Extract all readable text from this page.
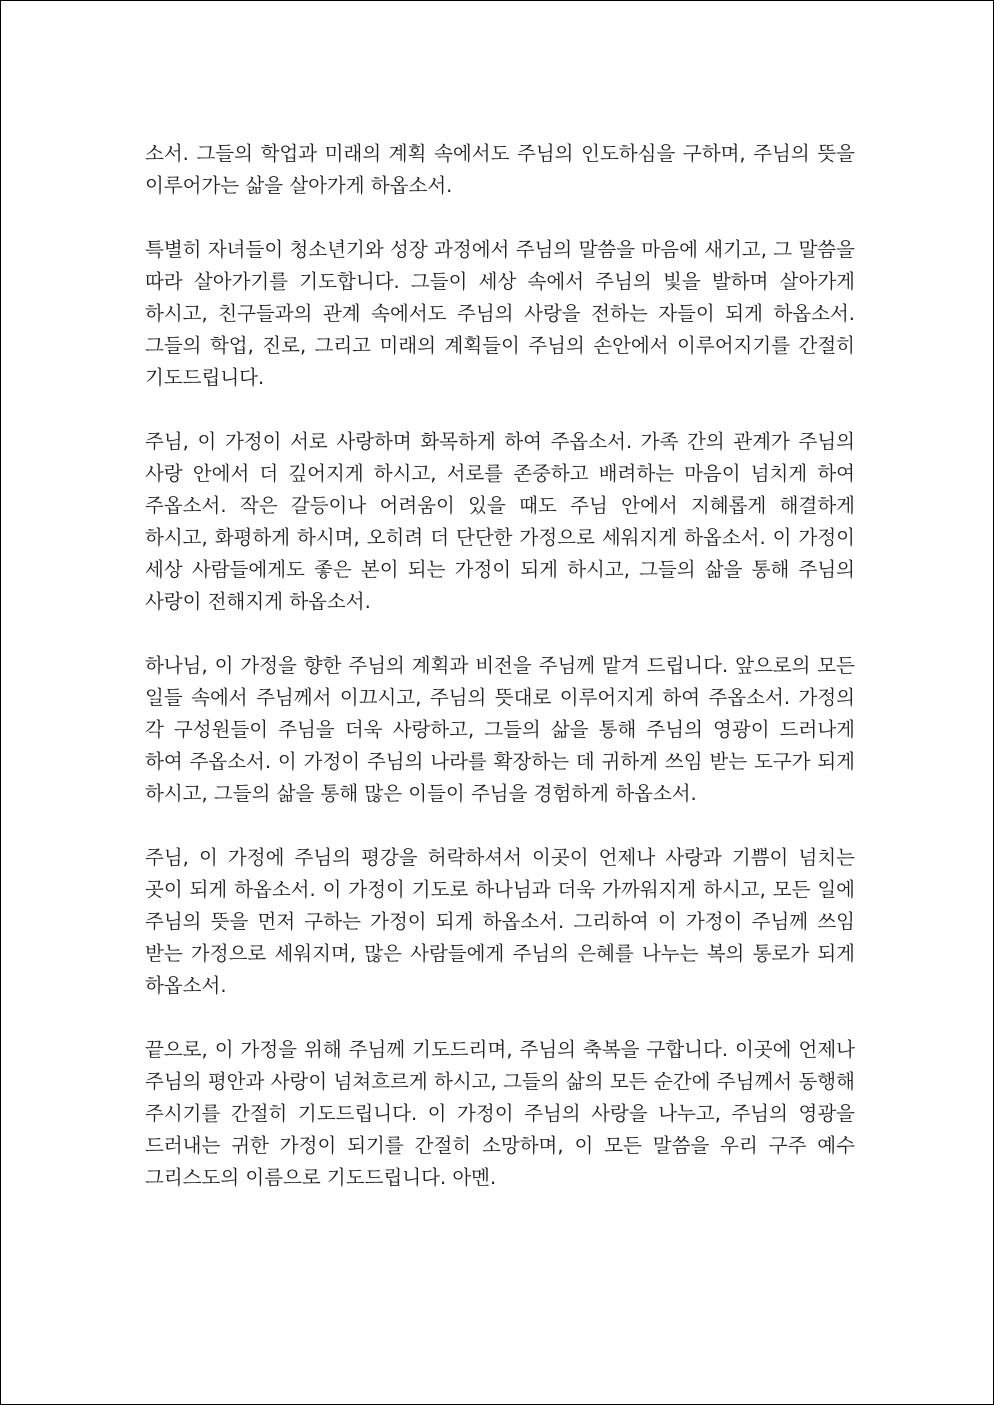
소서. 그들의 학업과 미래의 계획 속에서도 주님의 인도하심을 구하며, 주님의 뜻을 이루어가는 삶을 살아가게 하옵소서.

특별히 자녀들이 청소년기와 성장 과정에서 주님의 말씀을 마음에 새기고, 그 말씀을 따라 살아가기를 기도합니다. 그들이 세상 속에서 주님의 빛을 발하며 살아가게 하시고, 친구들과의 관계 속에서도 주님의 사랑을 전하는 자들이 되게 하옵소서. 그들의 학업, 진로, 그리고 미래의 계획들이 주님의 손안에서 이루어지기를 간절히 기도드립니다.

주님, 이 가정이 서로 사랑하며 화목하게 하여 주옵소서. 가족 간의 관계가 주님의 사랑 안에서 더 깊어지게 하시고, 서로를 존중하고 배려하는 마음이 넘치게 하여 주옵소서. 작은 갈등이나 어려움이 있을 때도 주님 안에서 지혜롭게 해결하게 하시고, 화평하게 하시며, 오히려 더 단단한 가정으로 세워지게 하옵소서. 이 가정이 세상 사람들에게도 좋은 본이 되는 가정이 되게 하시고, 그들의 삶을 통해 주님의 사랑이 전해지게 하옵소서.

하나님, 이 가정을 향한 주님의 계획과 비전을 주님께 맡겨 드립니다. 앞으로의 모든 일들 속에서 주님께서 이끄시고, 주님의 뜻대로 이루어지게 하여 주옵소서. 가정의 각 구성원들이 주님을 더욱 사랑하고, 그들의 삶을 통해 주님의 영광이 드러나게 하여 주옵소서. 이 가정이 주님의 나라를 확장하는 데 귀하게 쓰임 받는 도구가 되게 하시고, 그들의 삶을 통해 많은 이들이 주님을 경험하게 하옵소서.

주님, 이 가정에 주님의 평강을 허락하셔서 이곳이 언제나 사랑과 기쁨이 넘치는 곳이 되게 하옵소서. 이 가정이 기도로 하나님과 더욱 가까워지게 하시고, 모든 일에 주님의 뜻을 먼저 구하는 가정이 되게 하옵소서. 그리하여 이 가정이 주님께 쓰임 받는 가정으로 세워지며, 많은 사람들에게 주님의 은혜를 나누는 복의 통로가 되게 하옵소서.

끝으로, 이 가정을 위해 주님께 기도드리며, 주님의 축복을 구합니다. 이곳에 언제나 주님의 평안과 사랑이 넘쳐흐르게 하시고, 그들의 삶의 모든 순간에 주님께서 동행해 주시기를 간절히 기도드립니다. 이 가정이 주님의 사랑을 나누고, 주님의 영광을 드러내는 귀한 가정이 되기를 간절히 소망하며, 이 모든 말씀을 우리 구주 예수 그리스도의 이름으로 기도드립니다. 아멘.
